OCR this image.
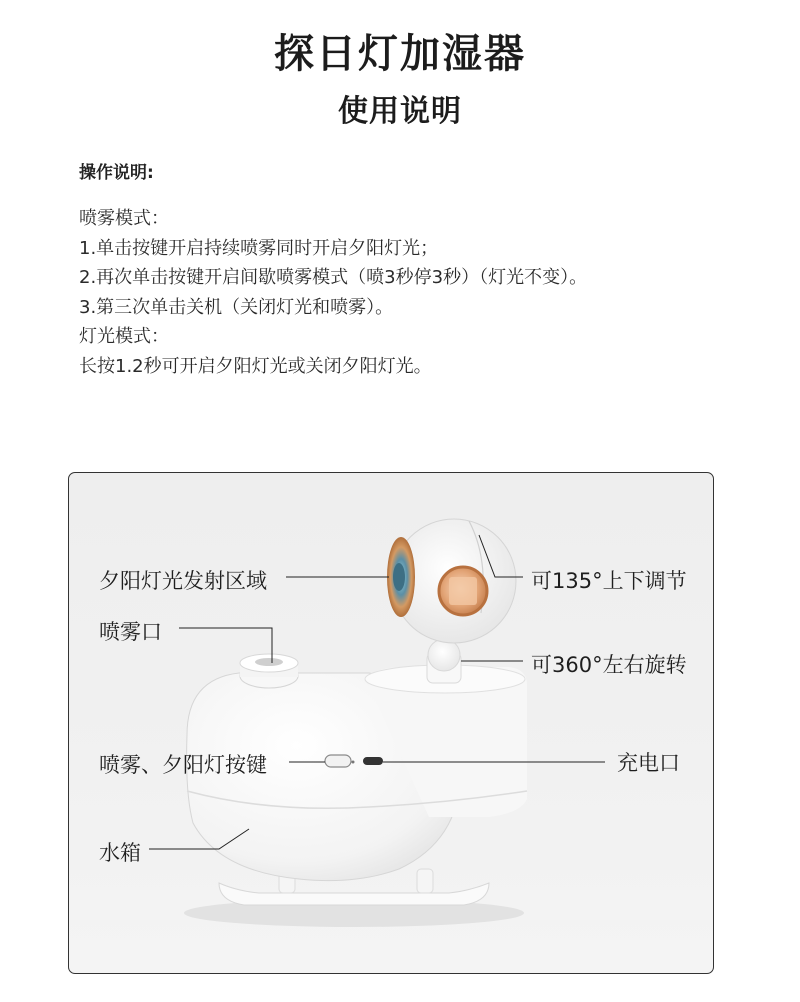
探日灯加湿器
使用说明
操作说明:
喷雾模式：
1.单击按键开启持续喷雾同时开启夕阳灯光；
2.再次单击按键开启间歇喷雾模式（喷3秒停3秒）（灯光不变）。
3.第三次单击关机（关闭灯光和喷雾）。
灯光模式：
长按1.2秒可开启夕阳灯光或关闭夕阳灯光。
夕阳灯光发射区域
喷雾口
可135°上下调节
可360°左右旋转
喷雾、夕阳灯按键	充电口
水箱
